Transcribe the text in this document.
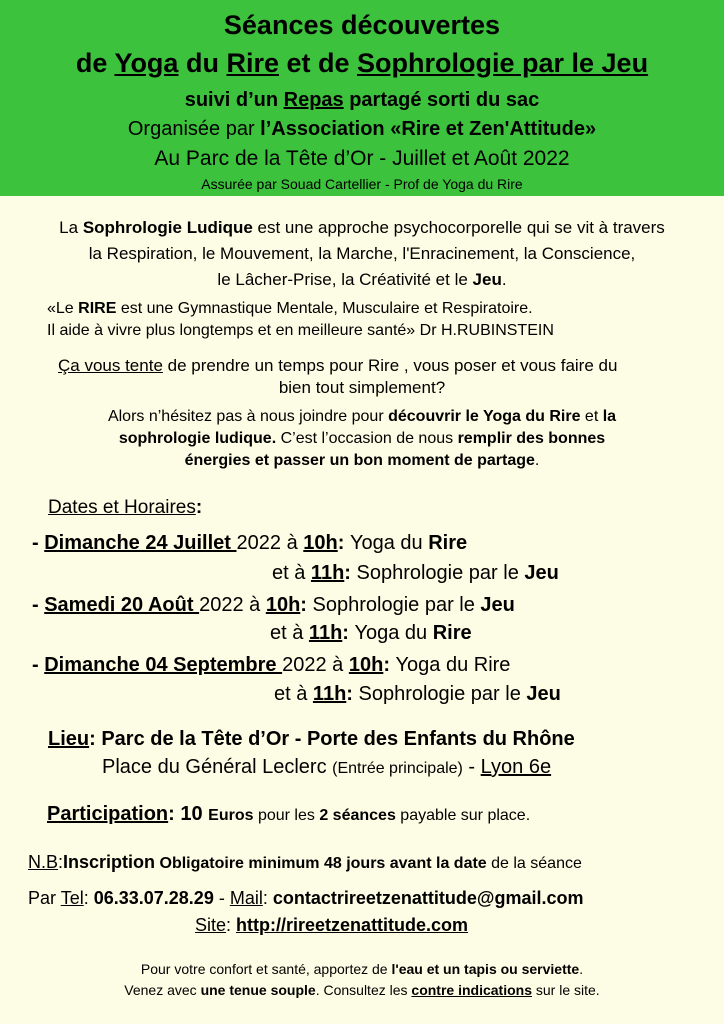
Séances découvertes
de Yoga du Rire et de Sophrologie par le Jeu
suivi d’un Repas partagé sorti du sac
Organisée par l’Association «Rire et Zen'Attitude»
Au Parc de la Tête d’Or - Juillet et Août 2022
Assurée par Souad Cartellier - Prof de Yoga du Rire
La Sophrologie Ludique est une approche psychocorporelle qui se vit à travers
la Respiration, le Mouvement, la Marche, l'Enracinement, la Conscience,
le Lâcher-Prise, la Créativité et le Jeu.
«Le RIRE est une Gymnastique Mentale, Musculaire et Respiratoire.
Il aide à vivre plus longtemps et en meilleure santé» Dr H.RUBINSTEIN
Ça vous tente de prendre un temps pour Rire , vous poser et vous faire du
bien tout simplement?
Alors n’hésitez pas à nous joindre pour découvrir le Yoga du Rire et la
sophrologie ludique. C’est l’occasion de nous remplir des bonnes
énergies et passer un bon moment de partage.
Dates et Horaires:
- Dimanche 24 Juillet 2022 à 10h: Yoga du Rire
et à 11h: Sophrologie par le Jeu
- Samedi 20 Août 2022 à 10h: Sophrologie par le Jeu
et à 11h: Yoga du Rire
- Dimanche 04 Septembre 2022 à 10h: Yoga du Rire
et à 11h: Sophrologie par le Jeu
Lieu: Parc de la Tête d’Or - Porte des Enfants du Rhône
Place du Général Leclerc (Entrée principale) - Lyon 6e
Participation: 10 Euros pour les 2 séances payable sur place.
N.B:Inscription Obligatoire minimum 48 jours avant la date de la séance
Par Tel: 06.33.07.28.29 - Mail: contactrireetzenattitude@gmail.com
Site: http://rireetzenattitude.com
Pour votre confort et santé, apportez de l'eau et un tapis ou serviette.
Venez avec une tenue souple. Consultez les contre indications sur le site.
